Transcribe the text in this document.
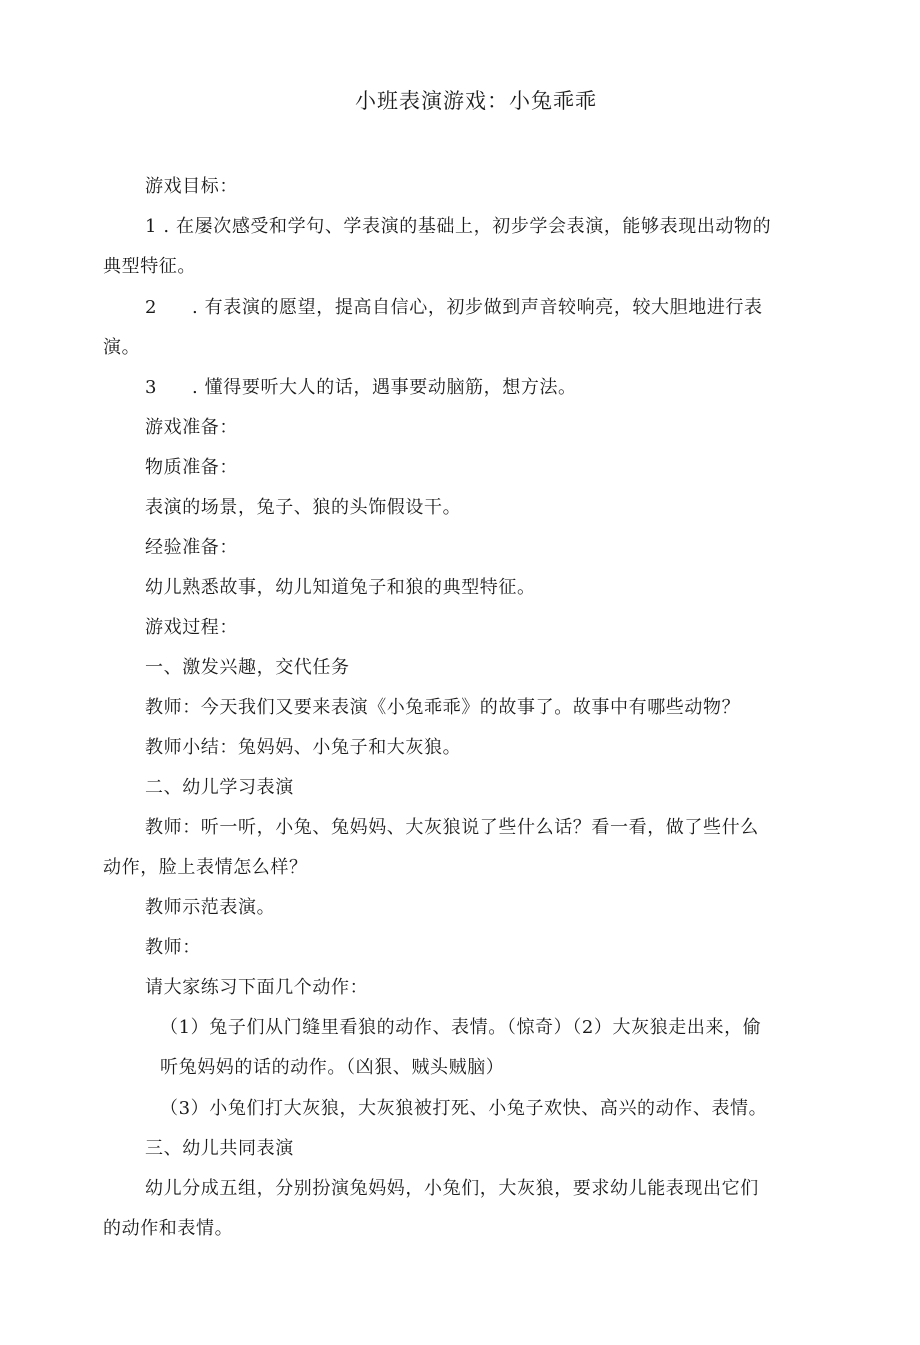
小班表演游戏：小兔乖乖
游戏目标：
1 . 在屡次感受和学句、学表演的基础上，初步学会表演，能够表现出动物的
典型特征。
2 . 有表演的愿望，提高自信心，初步做到声音较响亮，较大胆地进行表
演。
3 . 懂得要听大人的话，遇事要动脑筋，想方法。
游戏准备：
物质准备：
表演的场景，兔子、狼的头饰假设干。
经验准备：
幼儿熟悉故事，幼儿知道兔子和狼的典型特征。
游戏过程：
一、激发兴趣，交代任务
教师：今天我们又要来表演《小兔乖乖》的故事了。故事中有哪些动物？
教师小结：兔妈妈、小兔子和大灰狼。
二、幼儿学习表演
教师：听一听，小兔、兔妈妈、大灰狼说了些什么话？看一看，做了些什么
动作，脸上表情怎么样？
教师示范表演。
教师：
请大家练习下面几个动作：
（1）兔子们从门缝里看狼的动作、表情。（惊奇）（2）大灰狼走出来，偷
听兔妈妈的话的动作。（凶狠、贼头贼脑）
（3）小兔们打大灰狼，大灰狼被打死、小兔子欢快、高兴的动作、表情。
三、幼儿共同表演
幼儿分成五组，分别扮演兔妈妈，小兔们，大灰狼，要求幼儿能表现出它们
的动作和表情。
